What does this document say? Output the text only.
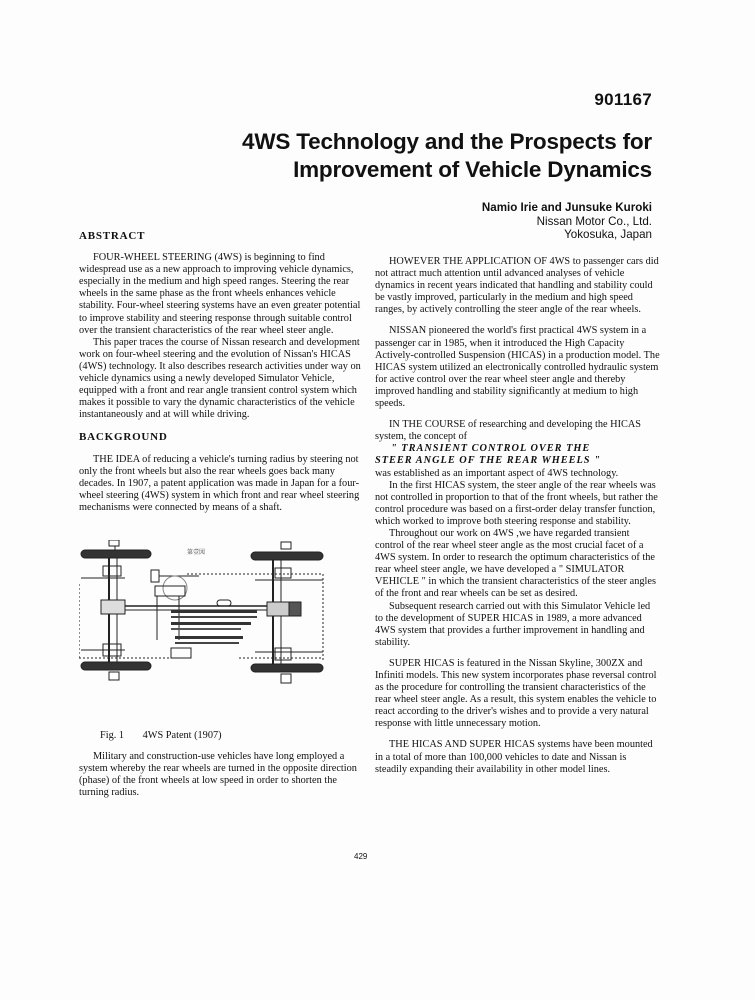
901167
4WS Technology and the Prospects for
Improvement of Vehicle Dynamics
Namio Irie and Junsuke Kuroki
Nissan Motor Co., Ltd.
Yokosuka, Japan
ABSTRACT

FOUR-WHEEL STEERING (4WS) is beginning to find widespread use as a new approach to improving vehicle dynamics, especially in the medium and high speed ranges. Steering the rear wheels in the same phase as the front wheels enhances vehicle stability. Four-wheel steering systems have an even greater potential to improve stability and steering response through suitable control over the transient characteristics of the rear wheel steer angle.

This paper traces the course of Nissan research and development work on four-wheel steering and the evolution of Nissan's HICAS (4WS) technology. It also describes research activities under way on vehicle dynamics using a newly developed Simulator Vehicle, equipped with a front and rear angle transient control system which makes it possible to vary the dynamic characteristics of the vehicle instantaneously and at will while driving.

BACKGROUND

THE IDEA of reducing a vehicle's turning radius by steering not only the front wheels but also the rear wheels goes back many decades. In 1907, a patent application was made in Japan for a four-wheel steering (4WS) system in which front and rear wheel steering mechanisms were connected by means of a shaft.

第壹図
Fig. 1 4WS Patent (1907)

Military and construction-use vehicles have long employed a system whereby the rear wheels are turned in the opposite direction (phase) of the front wheels at low speed in order to shorten the turning radius.

HOWEVER THE APPLICATION OF 4WS to passenger cars did not attract much attention until advanced analyses of vehicle dynamics in recent years indicated that handling and stability could be vastly improved, particularly in the medium and high speed ranges, by actively controlling the steer angle of the rear wheels.

NISSAN pioneered the world's first practical 4WS system in a passenger car in 1985, when it introduced the High Capacity Actively-controlled Suspension (HICAS) in a production model. The HICAS system utilized an electronically controlled hydraulic system for active control over the rear wheel steer angle and thereby improved handling and stability significantly at medium to high speeds.

IN THE COURSE of researching and developing the HICAS system, the concept of

" TRANSIENT CONTROL OVER THE

STEER ANGLE OF THE REAR WHEELS "

was established as an important aspect of 4WS technology.

In the first HICAS system, the steer angle of the rear wheels was not controlled in proportion to that of the front wheels, but rather the control procedure was based on a first-order delay transfer function, which worked to improve both steering response and stability.

Throughout our work on 4WS ,we have regarded transient control of the rear wheel steer angle as the most crucial facet of a 4WS system. In order to research the optimum characteristics of the rear wheel steer angle, we have developed a " SIMULATOR VEHICLE " in which the transient characteristics of the steer angles of the front and rear wheels can be set as desired.

Subsequent research carried out with this Simulator Vehicle led to the development of SUPER HICAS in 1989, a more advanced 4WS system that provides a further improvement in handling and stability.

SUPER HICAS is featured in the Nissan Skyline, 300ZX and Infiniti models. This new system incorporates phase reversal control as the procedure for controlling the transient characteristics of the rear wheel steer angle. As a result, this system enables the vehicle to react according to the driver's wishes and to provide a very natural response with little unnecessary motion.

THE HICAS AND SUPER HICAS systems have been mounted in a total of more than 100,000 vehicles to date and Nissan is steadily expanding their availability in other model lines.

429
